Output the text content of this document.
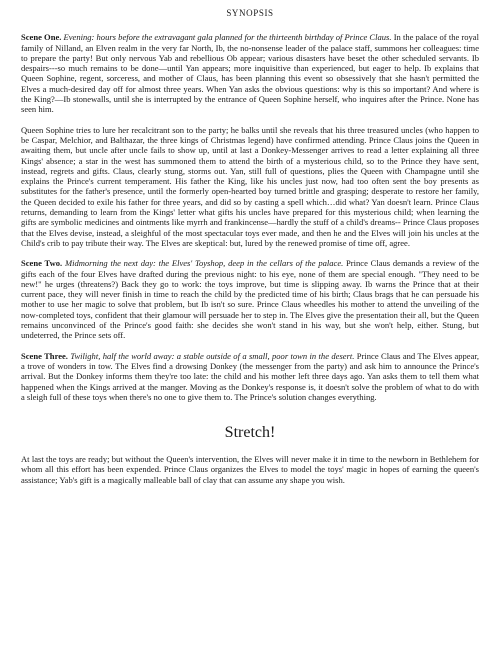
SYNOPSIS

Scene One. Evening: hours before the extravagant gala planned for the thirteenth birthday of Prince Claus. In the palace of the royal family of Nilland, an Elven realm in the very far North, Ib, the no-nonsense leader of the palace staff, summons her colleagues: time to prepare the party! But only nervous Yab and rebellious Ob appear; various disasters have beset the other scheduled servants. Ib despairs---so much remains to be done—until Yan appears; more inquisitive than experienced, but eager to help. Ib explains that Queen Sophine, regent, sorceress, and mother of Claus, has been planning this event so obsessively that she hasn't permitted the Elves a much-desired day off for almost three years. When Yan asks the obvious questions: why is this so important? And where is the King?—Ib stonewalls, until she is interrupted by the entrance of Queen Sophine herself, who inquires after the Prince. None has seen him.

Queen Sophine tries to lure her recalcitrant son to the party; he balks until she reveals that his three treasured uncles (who happen to be Caspar, Melchior, and Balthazar, the three kings of Christmas legend) have confirmed attending. Prince Claus joins the Queen in awaiting them, but uncle after uncle fails to show up, until at last a Donkey-Messenger arrives to read a letter explaining all three Kings' absence; a star in the west has summoned them to attend the birth of a mysterious child, so to the Prince they have sent, instead, regrets and gifts. Claus, clearly stung, storms out. Yan, still full of questions, plies the Queen with Champagne until she explains the Prince's current temperament. His father the King, like his uncles just now, had too often sent the boy presents as substitutes for the father's presence, until the formerly open-hearted boy turned brittle and grasping; desperate to restore her family, the Queen decided to exile his father for three years, and did so by casting a spell which…did what? Yan doesn't learn. Prince Claus returns, demanding to learn from the Kings' letter what gifts his uncles have prepared for this mysterious child; when learning the gifts are symbolic medicines and ointments like myrrh and frankincense—hardly the stuff of a child's dreams-- Prince Claus proposes that the Elves devise, instead, a sleighful of the most spectacular toys ever made, and then he and the Elves will join his uncles at the Child's crib to pay tribute their way. The Elves are skeptical: but, lured by the renewed promise of time off, agree.

Scene Two. Midmorning the next day: the Elves' Toyshop, deep in the cellars of the palace. Prince Claus demands a review of the gifts each of the four Elves have drafted during the previous night: to his eye, none of them are special enough. "They need to be new!" he urges (threatens?) Back they go to work: the toys improve, but time is slipping away. Ib warns the Prince that at their current pace, they will never finish in time to reach the child by the predicted time of his birth; Claus brags that he can persuade his mother to use her magic to solve that problem, but Ib isn't so sure. Prince Claus wheedles his mother to attend the unveiling of the now-completed toys, confident that their glamour will persuade her to step in. The Elves give the presentation their all, but the Queen remains unconvinced of the Prince's good faith: she decides she won't stand in his way, but she won't help, either. Stung, but undeterred, the Prince sets off.

Scene Three. Twilight, half the world away: a stable outside of a small, poor town in the desert. Prince Claus and The Elves appear, a trove of wonders in tow. The Elves find a drowsing Donkey (the messenger from the party) and ask him to announce the Prince's arrival. But the Donkey informs them they're too late: the child and his mother left three days ago. Yan asks them to tell them what happened when the Kings arrived at the manger. Moving as the Donkey's response is, it doesn't solve the problem of what to do with a sleigh full of these toys when there's no one to give them to. The Prince's solution changes everything.

Stretch!

At last the toys are ready; but without the Queen's intervention, the Elves will never make it in time to the newborn in Bethlehem for whom all this effort has been expended. Prince Claus organizes the Elves to model the toys' magic in hopes of earning the queen's assistance; Yab's gift is a magically malleable ball of clay that can assume any shape you wish.
